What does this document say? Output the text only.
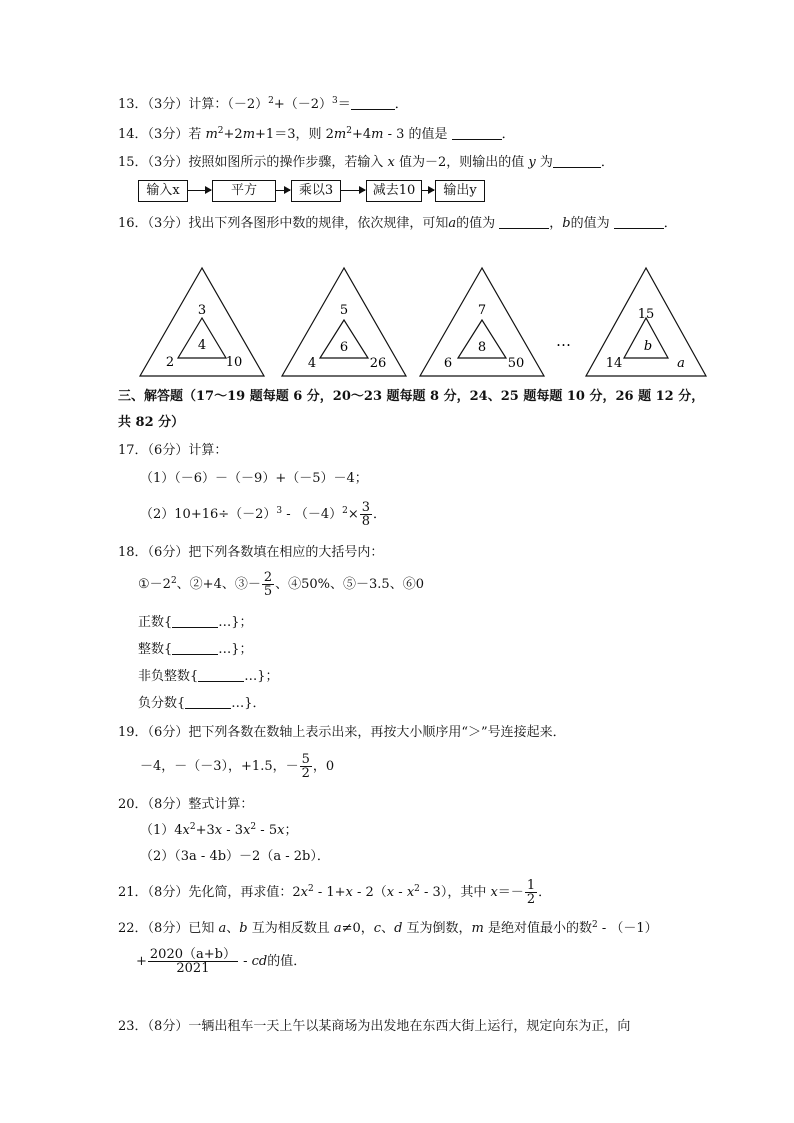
13．（3分）计算：$(-2)^2+(-2)^3=$	．
14．（3分）若 $m^2+2m+1=3$，则 $2m^2+4m - 3$ 的值是	．
15．（3分）按照如图所示的操作步骤，若输入 x 值为－2，则输出的值 y 为	．
输入x	平方	乘以3	减去10	输出y
16．（3分）找出下列各图形中数的规律，依次规律，可知a的值为	，b的值为	．
3
4
2	10
5
6
4	26
7
8
6	50
…
15
b
14	a
三、解答题（17～19 题每题 6 分，20～23 题每题 8 分，24、25 题每题 10 分，26 题 12 分，
共 82 分）
17．（6分）计算：
（1）（－6）－（－9）+（－5）－4；
$(2)10+16\div(-2)^3 - (-4)^2\times \frac{3}{8}$ ．
18．（6分）把下列各数填在相应的大括号内：
$①-2^2$、②+4、③－ $\frac{2}{5}$ 、④50%、⑤－3.5、⑥0
正数{	…}；
整数{	…}；
非负整数{	…}；
负分数{	…}．
19．（6分）把下列各数在数轴上表示出来，再按大小顺序用“＞”号连接起来．
－4，－（－3），+1.5，－ $\frac{5}{2}$ ，0
20．（8分）整式计算：
$(1)4x^2+3x - 3x^2 - 5x$；
（2）（3a - 4b）－2（a - 2b）．
21．（8分）先化简，再求值：$2x^2 - 1+x - 2(x - x^2 - 3)$，其中 $x=- \frac{1}{2}$ ．
22．（8分）已知 a、b 互为相反数且 a≠0，c、d 互为倒数，m 是绝对值最小的数$^2$ - （－1）
+ $\frac{2020(a+b)}{2021}$ - cd的值．
23．（8分）一辆出租车一天上午以某商场为出发地在东西大街上运行，规定向东为正，向
